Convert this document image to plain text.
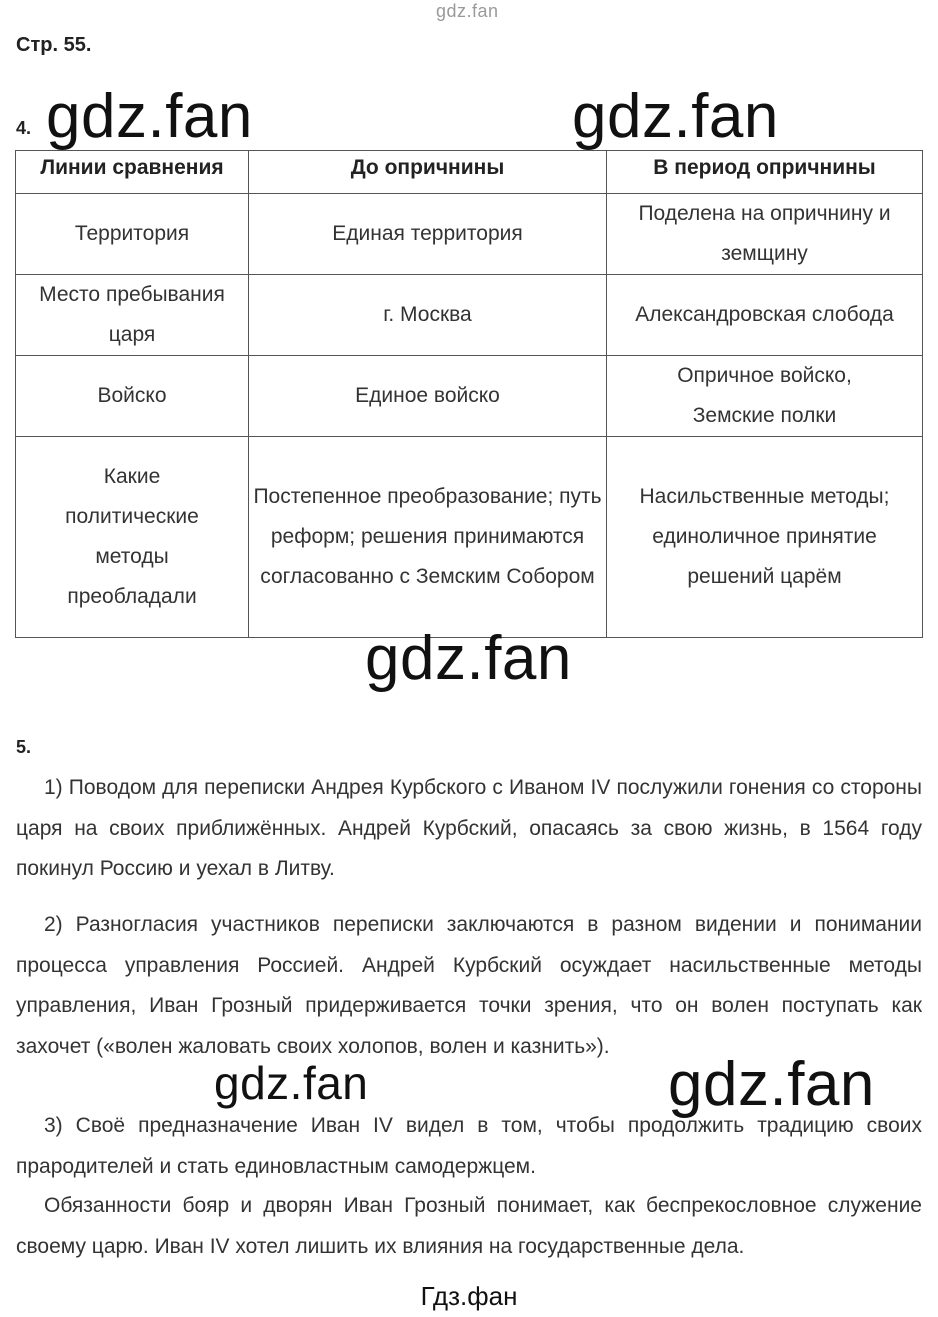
gdz.fan
Стр. 55.
4. gdz.fan	gdz.fan
Линии сравнения	До опричнины	В период опричнины
Территория	Единая территория	Поделена на опричнину и земщину
Место пребывания царя	г. Москва	Александровская слобода
Войско	Единое войско	Опричное войско, Земские полки
Какие политические методы преобладали	Постепенное преобразование; путь реформ; решения принимаются согласованно с Земским Собором	Насильственные методы; единоличное принятие решений царём
gdz.fan
5.

1) Поводом для переписки Андрея Курбского с Иваном IV послужили гонения со стороны царя на своих приближённых. Андрей Курбский, опасаясь за свою жизнь, в 1564 году покинул Россию и уехал в Литву.

2) Разногласия участников переписки заключаются в разном видении и понимании процесса управления Россией. Андрей Курбский осуждает насильственные методы управления, Иван Грозный придерживается точки зрения, что он волен поступать как захочет («волен жаловать своих холопов, волен и казнить»).

3) Своё предназначение Иван IV видел в том, чтобы продолжить традицию своих прародителей и стать единовластным самодержцем.

Обязанности бояр и дворян Иван Грозный понимает, как беспрекословное служение своему царю. Иван IV хотел лишить их влияния на государственные дела.

gdz.fan	gdz.fan
Гдз.фан
